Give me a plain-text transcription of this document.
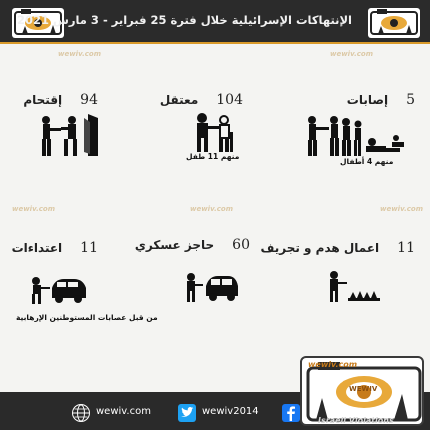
الإنتهاكات الإسرائيلية خلال فترة 25 فبراير - 3 مارس 2021
wewiv.com	wewiv.com
wewiv.com	wewiv.com	wewiv.com
5إصابات
104معتقل
94إقتحام
منهم 4 أطفال
منهم 11 طفل
11اعمال هدم و تجريف
60حاجز عسكري
11اعتداءات
من قبل عصابات المستوطنين الإرهابية
wewiv.com	wewiv2014
wewiv.com
WEWIV
Israeli Violations
